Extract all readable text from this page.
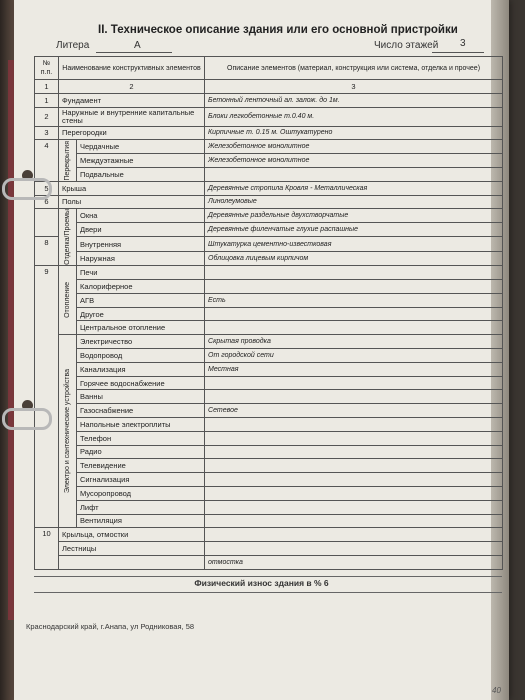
II. Техническое описание здания или его основной пристройки
Литера	А	Число этажей 3
№ п.п.	Наименование конструктивных элементов		Описание элементов (материал, конструкция или система, отделка и прочее)
1	2		3
1	Фундамент		Бетонный ленточный ал. залож. до 1м.
2	Наружные и внутренние капитальные стены		Блоки легкобетонные т.0.40 м.
3	Перегородки		Кирпичные т. 0.15 м. Оштукатурено
4	Перекрытия	Чердачные	Железобетонное монолитное
		Междуэтажные	Железобетонное монолитное
		Подвальные	
5	Крыша		Деревянные стропила Кровля - Металлическая
6	Полы		Линолеумовые

	Отделка/Проемы	Окна	Деревянные раздельные двухстворчатые
		Двери	Деревянные филенчатые глухие распашные
8		Внутренняя	Штукатурка цементно-известковая
		Наружная	Облицовка лицевым кирпичом
9	Отопление	Печи	
		Калориферное	
		АГВ	Есть
		Другое	
		Центральное отопление	

	Электро и сантехнические устройства	Электричество	Скрытая проводка
		Водопровод	От городской сети
		Канализация	Местная
		Горячее водоснабжение	
		Ванны	
		Газоснабжение	Сетевое
		Напольные электроплиты	
		Телефон	
		Радио	
		Телевидение	
		Сигнализация	
		Мусоропровод	
		Лифт	
		Вентиляция	
10	Крыльца, отмостки		
	Лестницы		
			отмостка
Физический износ здания в % 6
Краснодарский край, г.Анапа, ул Родниковая, 58
40
